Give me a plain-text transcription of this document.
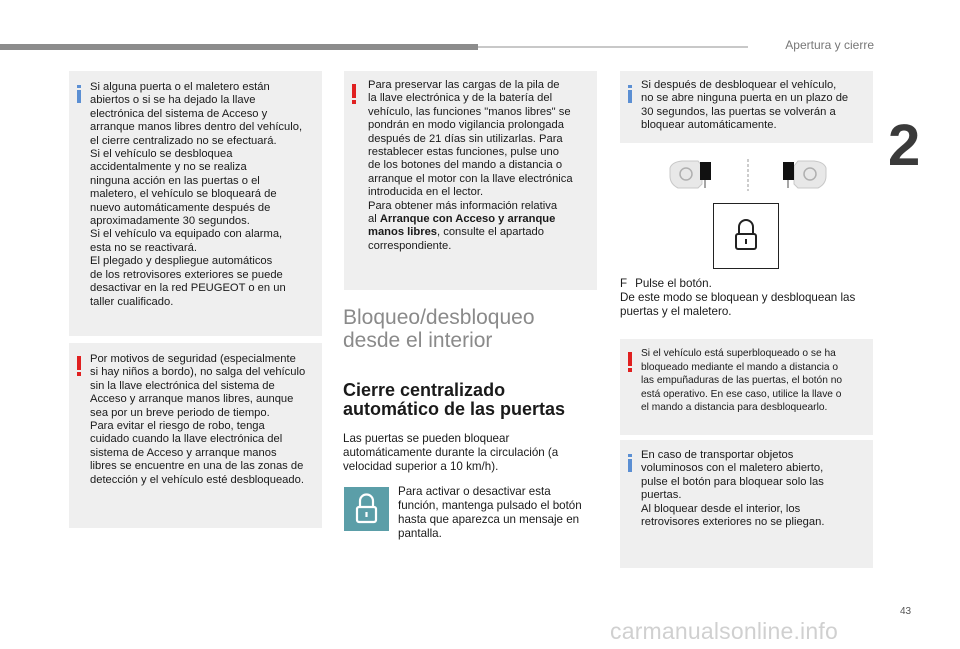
Apertura y cierre
2

Si alguna puerta o el maletero están

abiertos o si se ha dejado la llave

electrónica del sistema de Acceso y

arranque manos libres dentro del vehículo,

el cierre centralizado no se efectuará.

Si el vehículo se desbloquea

accidentalmente y no se realiza

ninguna acción en las puertas o el

maletero, el vehículo se bloqueará de

nuevo automáticamente después de

aproximadamente 30 segundos.

Si el vehículo va equipado con alarma,

esta no se reactivará.

El plegado y despliegue automáticos

de los retrovisores exteriores se puede

desactivar en la red PEUGEOT o en un

taller cualificado.

Por motivos de seguridad (especialmente

si hay niños a bordo), no salga del vehículo

sin la llave electrónica del sistema de

Acceso y arranque manos libres, aunque

sea por un breve periodo de tiempo.

Para evitar el riesgo de robo, tenga

cuidado cuando la llave electrónica del

sistema de Acceso y arranque manos

libres se encuentre en una de las zonas de

detección y el vehículo esté desbloqueado.

Para preservar las cargas de la pila de

la llave electrónica y de la batería del

vehículo, las funciones "manos libres" se

pondrán en modo vigilancia prolongada

después de 21 días sin utilizarlas. Para

restablecer estas funciones, pulse uno

de los botones del mando a distancia o

arranque el motor con la llave electrónica

introducida en el lector.

Para obtener más información relativa

al Arranque con Acceso y arranque

manos libres, consulte el apartado

correspondiente.

Bloqueo/desbloqueo
desde el interior
Cierre centralizado
automático de las puertas
Las puertas se pueden bloquear
automáticamente durante la circulación (a
velocidad superior a 10 km/h).
Para activar o desactivar esta
función, mantenga pulsado el botón
hasta que aparezca un mensaje en
pantalla.

Si después de desbloquear el vehículo,

no se abre ninguna puerta en un plazo de

30 segundos, las puertas se volverán a

bloquear automáticamente.

F Pulse el botón.
De este modo se bloquean y desbloquean las
puertas y el maletero.

Si el vehículo está superbloqueado o se ha

bloqueado mediante el mando a distancia o

las empuñaduras de las puertas, el botón no

está operativo. En ese caso, utilice la llave o

el mando a distancia para desbloquearlo.

En caso de transportar objetos

voluminosos con el maletero abierto,

pulse el botón para bloquear solo las

puertas.

Al bloquear desde el interior, los

retrovisores exteriores no se pliegan.

43
carmanualsonline.info
